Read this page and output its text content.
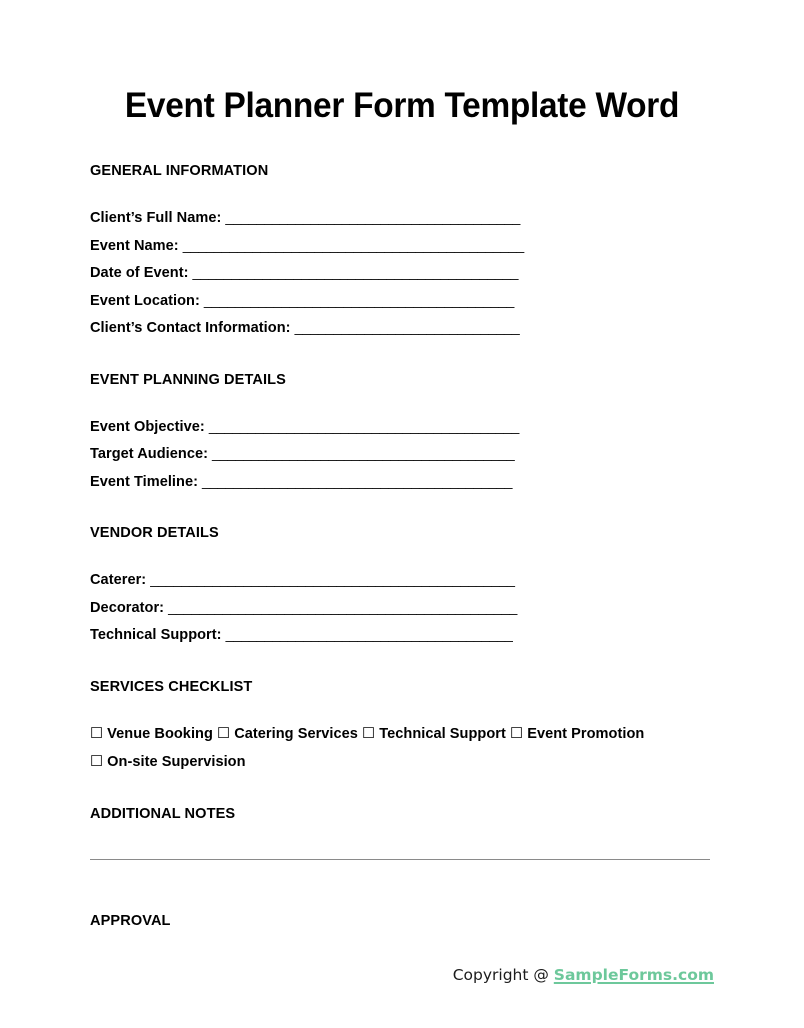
Event Planner Form Template Word
GENERAL INFORMATION
Client’s Full Name: ______________________________________
Event Name: ____________________________________________
Date of Event: __________________________________________
Event Location: ________________________________________
Client’s Contact Information: _____________________________
EVENT PLANNING DETAILS
Event Objective: ________________________________________
Target Audience: _______________________________________
Event Timeline: ________________________________________
VENDOR DETAILS
Caterer: _______________________________________________
Decorator: _____________________________________________
Technical Support: _____________________________________
SERVICES CHECKLIST
☐ Venue Booking ☐ Catering Services ☐ Technical Support ☐ Event Promotion
☐ On-site Supervision
ADDITIONAL NOTES
APPROVAL
Copyright @ SampleForms.com
